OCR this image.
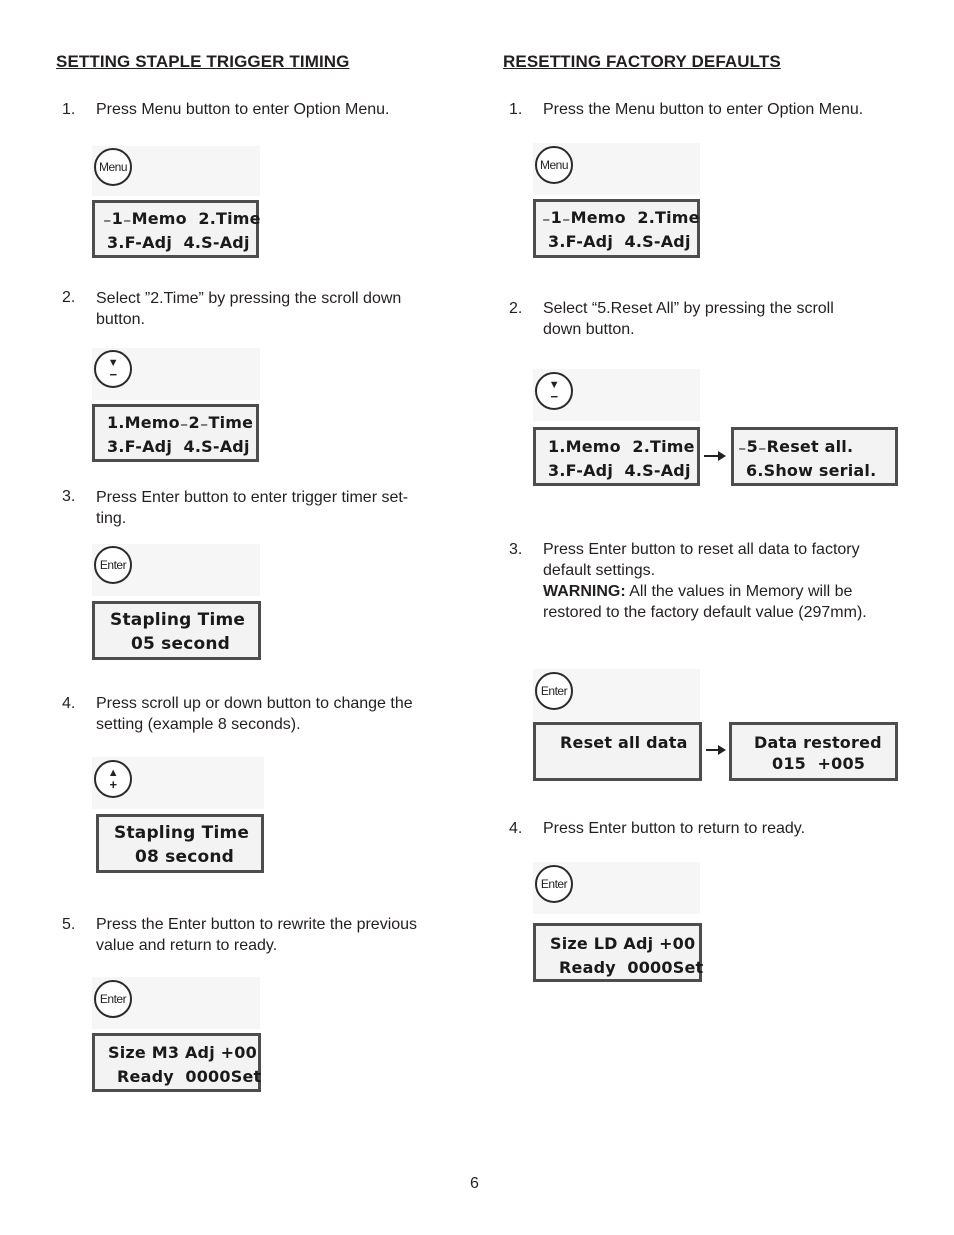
SETTING STAPLE TRIGGER TIMING
1. Press Menu button to enter Option Menu.
Menu
₋1₋Memo  2.Time
3.F-Adj  4.S-Adj
2. Select ”2.Time” by pressing the scroll down
button.
▼
−
1.Memo₋2₋Time
3.F-Adj  4.S-Adj
3. Press Enter button to enter trigger timer set-
ting.
Enter
Stapling Time
05 second
4. Press scroll up or down button to change the
setting (example 8 seconds).
▲
+
Stapling Time
08 second
5. Press the Enter button to rewrite the previous
value and return to ready.
Enter
Size M3 Adj +00
Ready  0000Set
RESETTING FACTORY DEFAULTS
1. Press the Menu button to enter Option Menu.
Menu
₋1₋Memo  2.Time
3.F-Adj  4.S-Adj
2. Select “5.Reset All” by pressing the scroll
down button.
▼
−
1.Memo  2.Time
3.F-Adj  4.S-Adj
₋5₋Reset all.
6.Show serial.
3. Press Enter button to reset all data to factory
default settings.
WARNING: All the values in Memory will be
restored to the factory default value (297mm).
Enter
Reset all data	Data restored
015  +005
4. Press Enter button to return to ready.
Enter
Size LD Adj +00
Ready  0000Set
6
